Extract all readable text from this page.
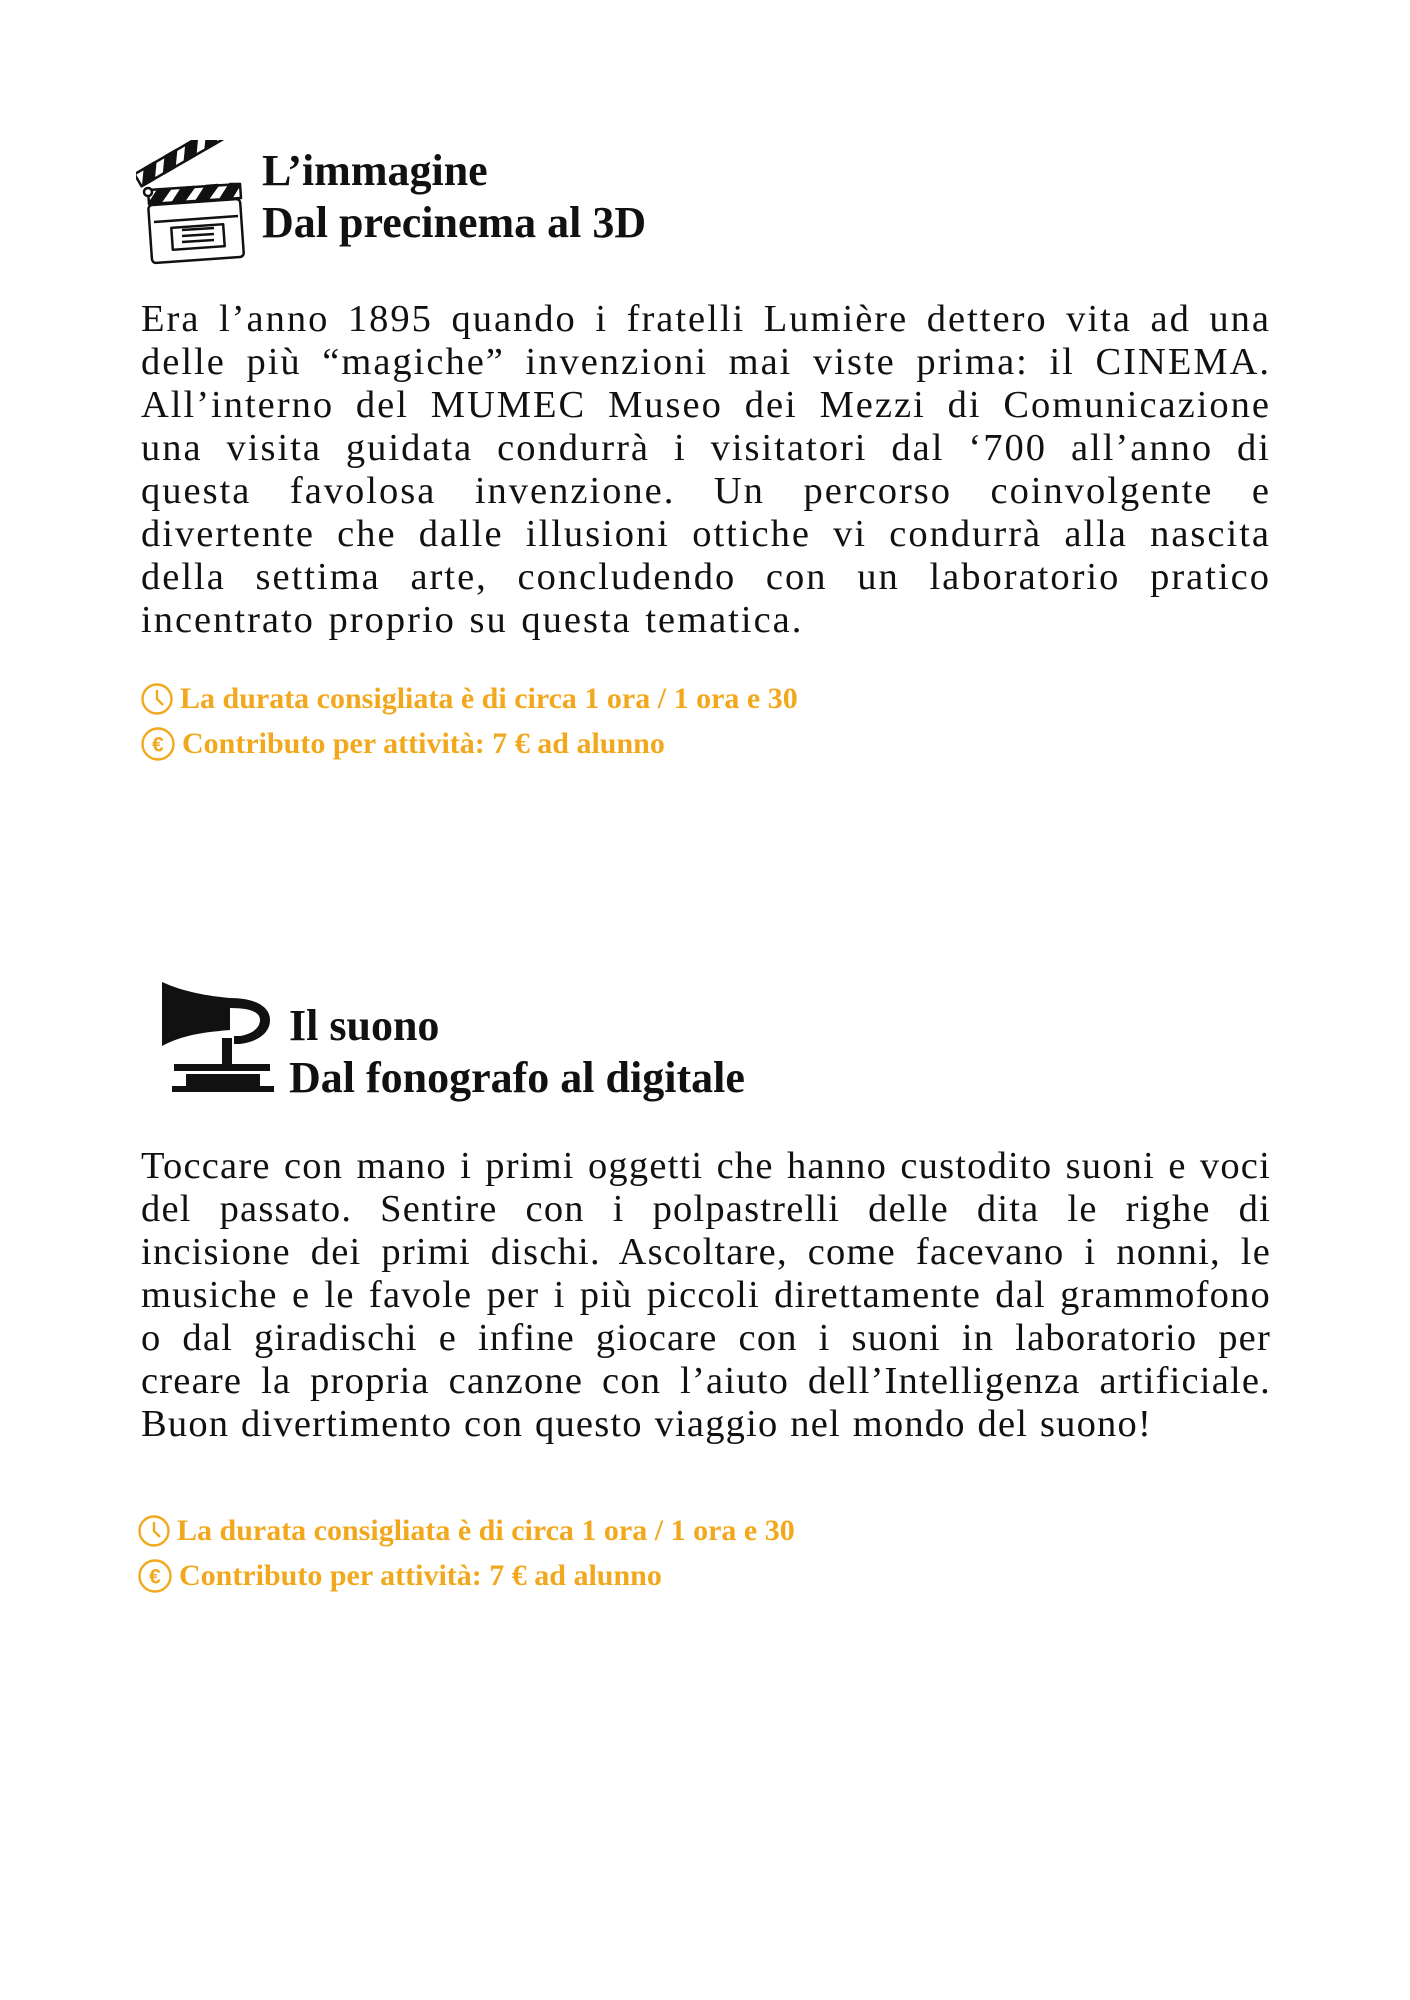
L’immagine
Dal precinema al 3D

Era l’anno 1895 quando i fratelli Lumière dettero vita ad una delle più “magiche” invenzioni mai viste prima: il CINEMA. All’interno del MUMEC Museo dei Mezzi di Comunicazione una visita guidata condurrà i visitatori dal ‘700 all’anno di questa favolosa invenzione. Un percorso coinvolgente e divertente che dalle illusioni ottiche vi condurrà alla nascita della settima arte, concludendo con un laboratorio pratico incentrato proprio su questa tematica.

La durata consigliata è di circa 1 ora / 1 ora e 30
€ Contributo per attività: 7 € ad alunno
Il suono
Dal fonografo al digitale

Toccare con mano i primi oggetti che hanno custodito suoni e voci del passato. Sentire con i polpastrelli delle dita le righe di incisione dei primi dischi. Ascoltare, come facevano i nonni, le musiche e le favole per i più piccoli direttamente dal grammofono o dal giradischi e infine giocare con i suoni in laboratorio per creare la propria canzone con l’aiuto dell’Intelligenza artificiale. Buon divertimento con questo viaggio nel mondo del suono!

La durata consigliata è di circa 1 ora / 1 ora e 30
€ Contributo per attività: 7 € ad alunno
